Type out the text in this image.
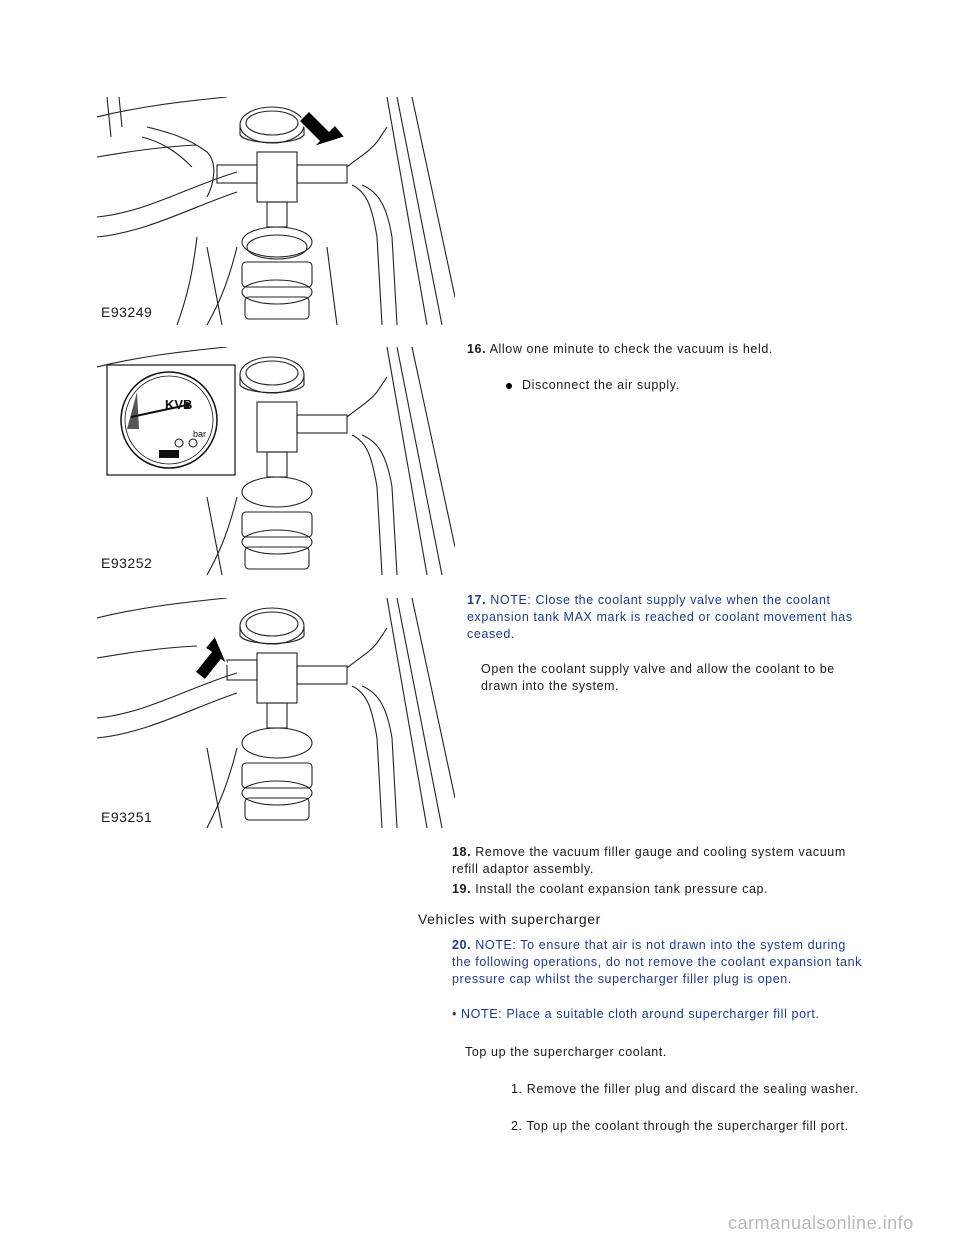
E93249
KVB
bar
E93252
E93251
16. Allow one minute to check the vacuum is held.
Disconnect the air supply.
17. NOTE: Close the coolant supply valve when the coolant expansion tank MAX mark is reached or coolant movement has ceased.
Open the coolant supply valve and allow the coolant to be drawn into the system.
18. Remove the vacuum filler gauge and cooling system vacuum refill adaptor assembly.
19. Install the coolant expansion tank pressure cap.
Vehicles with supercharger
20. NOTE: To ensure that air is not drawn into the system during the following operations, do not remove the coolant expansion tank pressure cap whilst the supercharger filler plug is open.
• NOTE: Place a suitable cloth around supercharger fill port.
Top up the supercharger coolant.
1. Remove the filler plug and discard the sealing washer.
2. Top up the coolant through the supercharger fill port.
carmanualsonline.info
